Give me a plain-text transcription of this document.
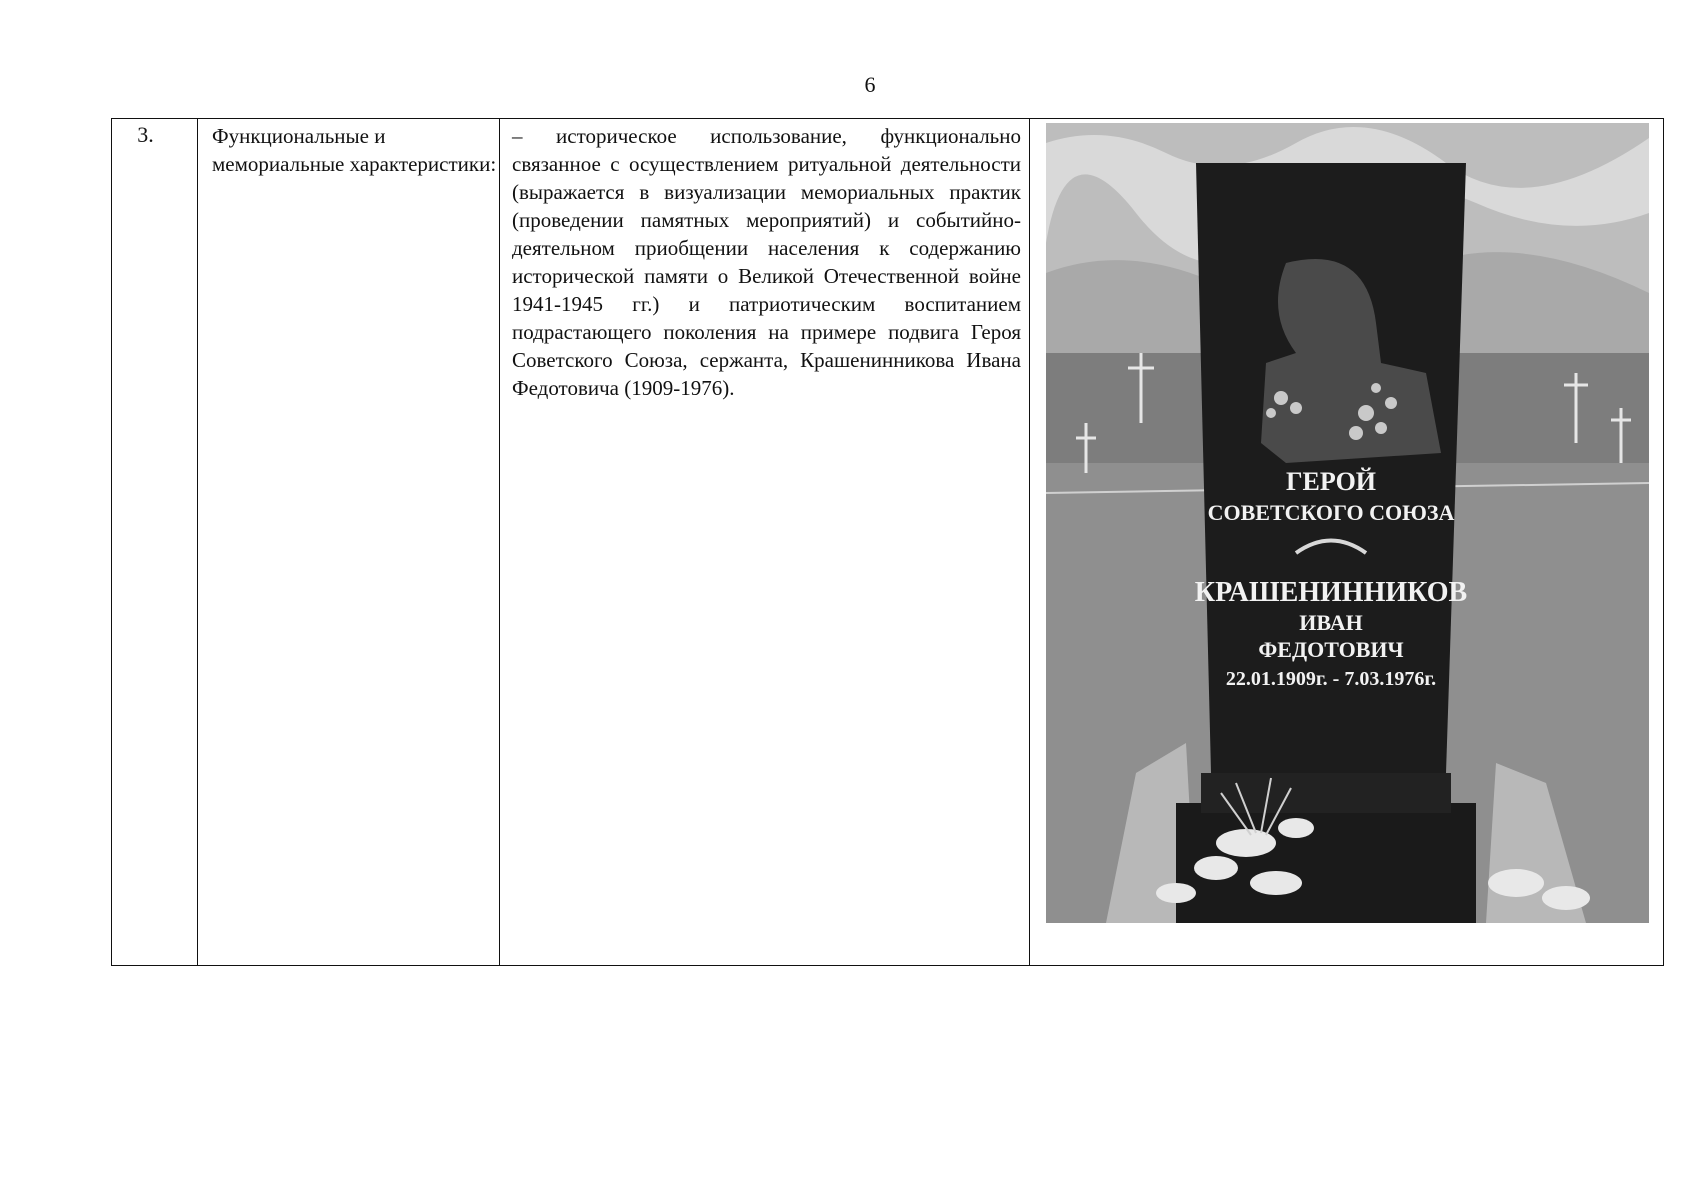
6
3.	Функциональные и мемориальные характеристики:	– историческое использование, функционально связанное с осуществлением ритуальной деятельности (выражается в визуализации мемориальных практик (проведении памятных мероприятий) и событийно-деятельном приобщении населения к содержанию исторической памяти о Великой Отечественной войне 1941-1945 гг.) и патриотическим воспитанием подрастающего поколения на примере подвига Героя Советского Союза, сержанта, Крашенинникова Ивана Федотовича (1909-1976).	
ГЕРОЙ
СОВЕТСКОГО СОЮЗА
КРАШЕНИННИКОВ
ИВАН
ФЕДОТОВИЧ
22.01.1909г. - 7.03.1976г.
